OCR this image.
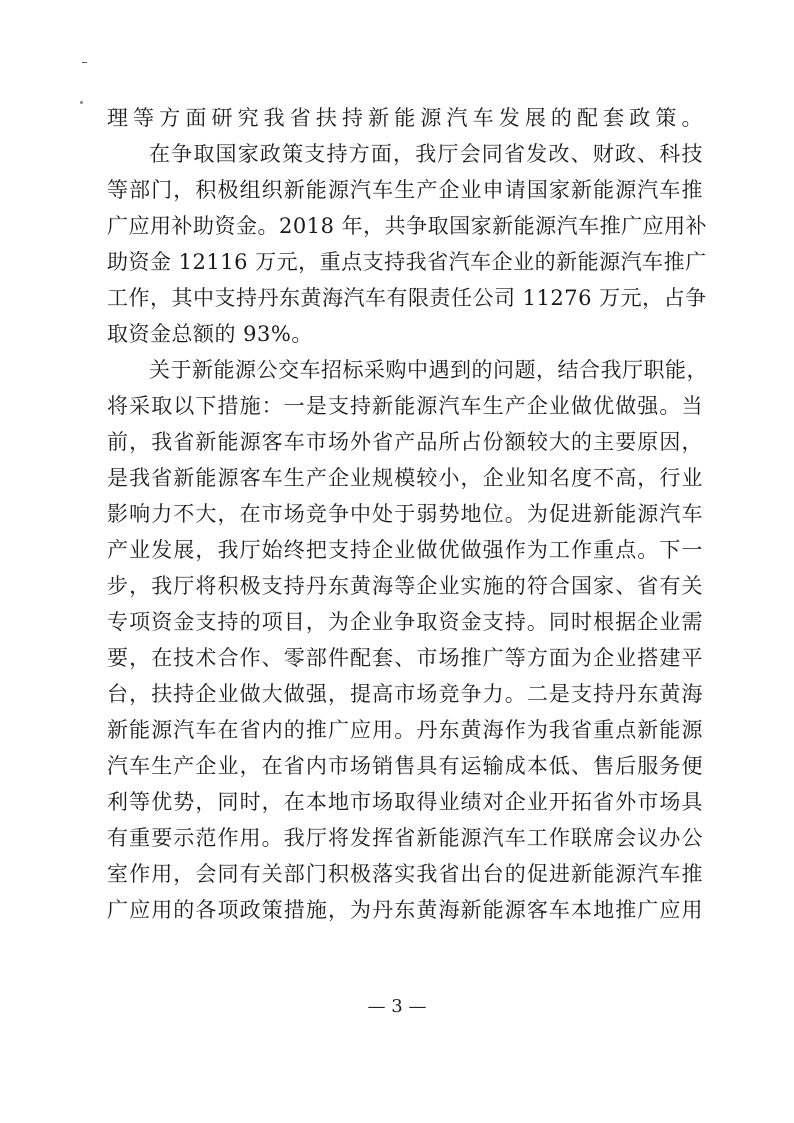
理等方面研究我省扶持新能源汽车发展的配套政策。
在争取国家政策支持方面，我厅会同省发改、财政、科技
等部门，积极组织新能源汽车生产企业申请国家新能源汽车推
广应用补助资金。2018 年，共争取国家新能源汽车推广应用补
助资金 12116 万元，重点支持我省汽车企业的新能源汽车推广
工作，其中支持丹东黄海汽车有限责任公司 11276 万元，占争
取资金总额的 93%。
关于新能源公交车招标采购中遇到的问题，结合我厅职能，
将采取以下措施：一是支持新能源汽车生产企业做优做强。当
前，我省新能源客车市场外省产品所占份额较大的主要原因，
是我省新能源客车生产企业规模较小，企业知名度不高，行业
影响力不大，在市场竞争中处于弱势地位。为促进新能源汽车
产业发展，我厅始终把支持企业做优做强作为工作重点。下一
步，我厅将积极支持丹东黄海等企业实施的符合国家、省有关
专项资金支持的项目，为企业争取资金支持。同时根据企业需
要，在技术合作、零部件配套、市场推广等方面为企业搭建平
台，扶持企业做大做强，提高市场竞争力。二是支持丹东黄海
新能源汽车在省内的推广应用。丹东黄海作为我省重点新能源
汽车生产企业，在省内市场销售具有运输成本低、售后服务便
利等优势，同时，在本地市场取得业绩对企业开拓省外市场具
有重要示范作用。我厅将发挥省新能源汽车工作联席会议办公
室作用，会同有关部门积极落实我省出台的促进新能源汽车推
广应用的各项政策措施，为丹东黄海新能源客车本地推广应用
— 3 —
